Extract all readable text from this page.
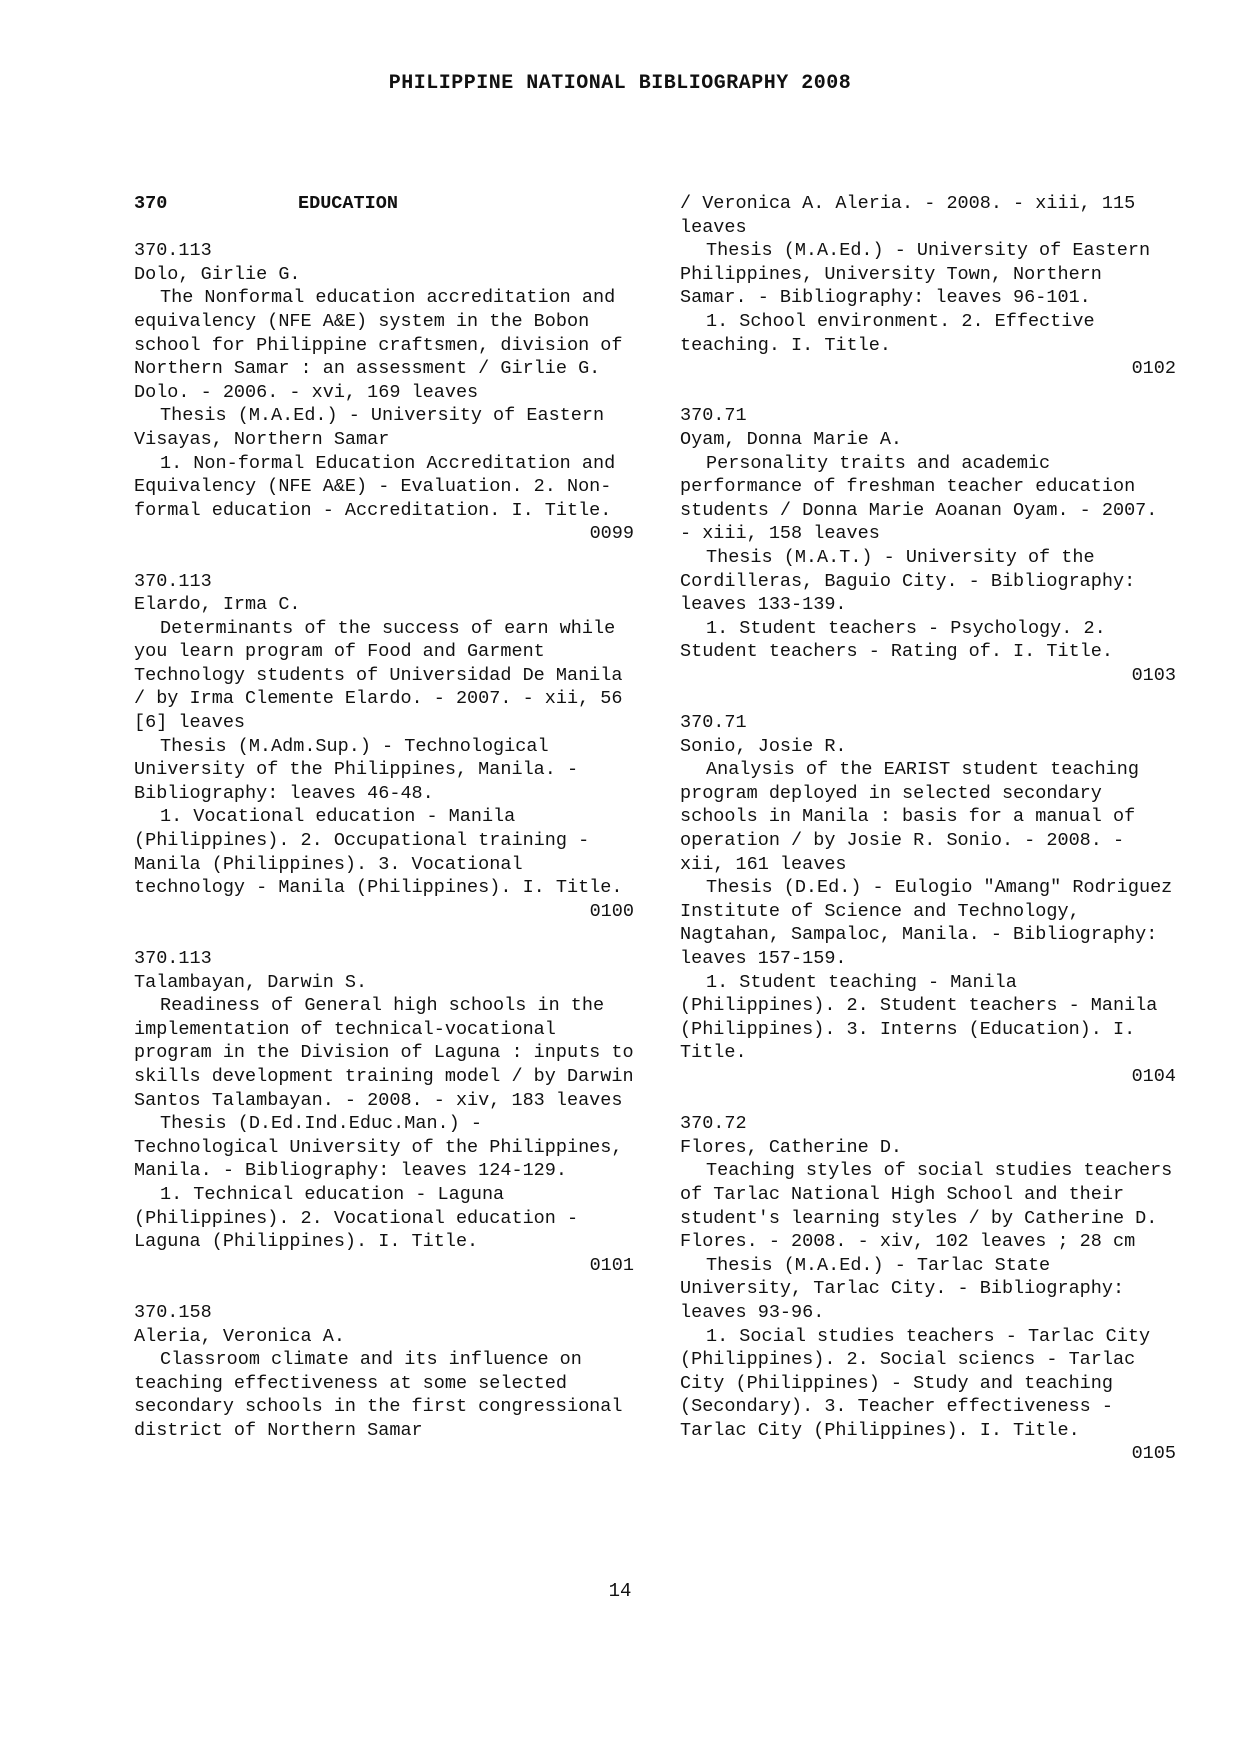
PHILIPPINE NATIONAL BIBLIOGRAPHY 2008
370	EDUCATION
370.113
Dolo, Girlie G.
The Nonformal education accreditation and equivalency (NFE A&E) system in the Bobon school for Philippine craftsmen, division of Northern Samar : an assessment / Girlie G. Dolo. - 2006. - xvi, 169 leaves
Thesis (M.A.Ed.) - University of Eastern Visayas, Northern Samar
1. Non-formal Education Accreditation and Equivalency (NFE A&E) - Evaluation. 2. Non-formal education - Accreditation. I. Title.
0099
370.113
Elardo, Irma C.
Determinants of the success of earn while you learn program of Food and Garment Technology students of Universidad De Manila / by Irma Clemente Elardo. - 2007. - xii, 56 [6] leaves
Thesis (M.Adm.Sup.) - Technological University of the Philippines, Manila. - Bibliography: leaves 46-48.
1. Vocational education - Manila (Philippines). 2. Occupational training - Manila (Philippines). 3. Vocational technology - Manila (Philippines). I. Title.
0100
370.113
Talambayan, Darwin S.
Readiness of General high schools in the implementation of technical-vocational program in the Division of Laguna : inputs to skills development training model / by Darwin Santos Talambayan. - 2008. - xiv, 183 leaves
Thesis (D.Ed.Ind.Educ.Man.) - Technological University of the Philippines, Manila. - Bibliography: leaves 124-129.
1. Technical education - Laguna (Philippines). 2. Vocational education - Laguna (Philippines). I. Title.
0101
370.158
Aleria, Veronica A.
Classroom climate and its influence on teaching effectiveness at some selected secondary schools in the first congressional district of Northern Samar
/ Veronica A. Aleria. - 2008. - xiii, 115 leaves
Thesis (M.A.Ed.) - University of Eastern Philippines, University Town, Northern Samar. - Bibliography: leaves 96-101.
1. School environment. 2. Effective teaching. I. Title.
0102
370.71
Oyam, Donna Marie A.
Personality traits and academic performance of freshman teacher education students / Donna Marie Aoanan Oyam. - 2007. - xiii, 158 leaves
Thesis (M.A.T.) - University of the Cordilleras, Baguio City. - Bibliography: leaves 133-139.
1. Student teachers - Psychology. 2. Student teachers - Rating of. I. Title.
0103
370.71
Sonio, Josie R.
Analysis of the EARIST student teaching program deployed in selected secondary schools in Manila : basis for a manual of operation / by Josie R. Sonio. - 2008. - xii, 161 leaves
Thesis (D.Ed.) - Eulogio "Amang" Rodriguez Institute of Science and Technology, Nagtahan, Sampaloc, Manila. - Bibliography: leaves 157-159.
1. Student teaching - Manila (Philippines). 2. Student teachers - Manila (Philippines). 3. Interns (Education). I. Title.
0104
370.72
Flores, Catherine D.
Teaching styles of social studies teachers of Tarlac National High School and their student's learning styles / by Catherine D. Flores. - 2008. - xiv, 102 leaves ; 28 cm
Thesis (M.A.Ed.) - Tarlac State University, Tarlac City. - Bibliography: leaves 93-96.
1. Social studies teachers - Tarlac City (Philippines). 2. Social sciencs - Tarlac City (Philippines) - Study and teaching (Secondary). 3. Teacher effectiveness - Tarlac City (Philippines). I. Title.
0105
14
